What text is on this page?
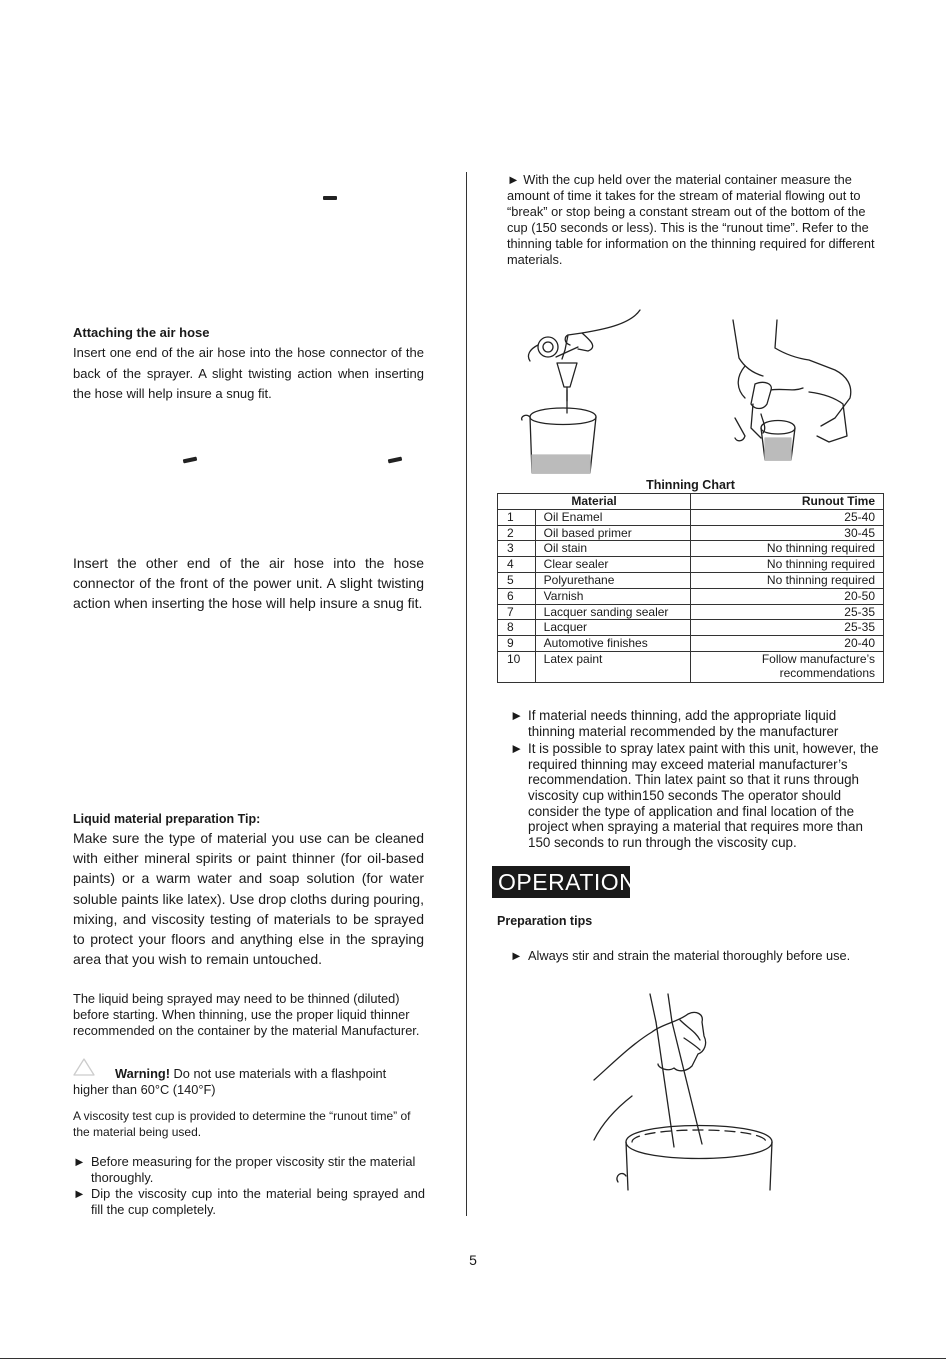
Attaching the air hose
Insert one end of the air hose into the hose connector of the back of the sprayer. A slight twisting action when inserting the hose will help insure a snug fit.
Insert the other end of the air hose into the hose connector of the front of the power unit. A slight twisting action when inserting the hose will help insure a snug fit.
Liquid material preparation Tip:
Make sure the type of material you use can be cleaned with either mineral spirits or paint thinner (for oil-based paints) or a warm water and soap solution (for water soluble paints like latex). Use drop cloths during pouring, mixing, and viscosity testing of materials to be sprayed to protect your floors and anything else in the spraying area that you wish to remain untouched.
The liquid being sprayed may need to be thinned (diluted) before starting. When thinning, use the proper liquid thinner recommended on the container by the material Manufacturer.
Warning! Do not use materials with a flashpoint higher than 60°C (140°F)
A viscosity test cup is provided to determine the “runout time” of the material being used.
► Before measuring for the proper viscosity stir the material thoroughly.
► Dip the viscosity cup into the material being sprayed and fill the cup completely.
► With the cup held over the material container measure the amount of time it takes for the stream of material flowing out to “break” or stop being a constant stream out of the bottom of the cup (150 seconds or less). This is the “runout time”. Refer to the thinning table for information on the thinning required for different materials.
Thinning Chart
Material		Runout Time
1	Oil Enamel	25-40
2	Oil based primer	30-45
3	Oil stain	No thinning required
4	Clear sealer	No thinning required
5	Polyurethane	No thinning required
6	Varnish	20-50
7	Lacquer sanding sealer	25-35
8	Lacquer	25-35
9	Automotive finishes	20-40
10	Latex paint	Follow manufacture’s recommendations
► If material needs thinning, add the appropriate liquid thinning material recommended by the manufacturer
► It is possible to spray latex paint with this unit, however, the required thinning may exceed material manufacturer’s recommendation. Thin latex paint so that it runs through viscosity cup within150 seconds The operator should consider the type of application and final location of the project when spraying a material that requires more than 150 seconds to run through the viscosity cup.
OPERATION
Preparation tips
► Always stir and strain the material thoroughly before use.
5
